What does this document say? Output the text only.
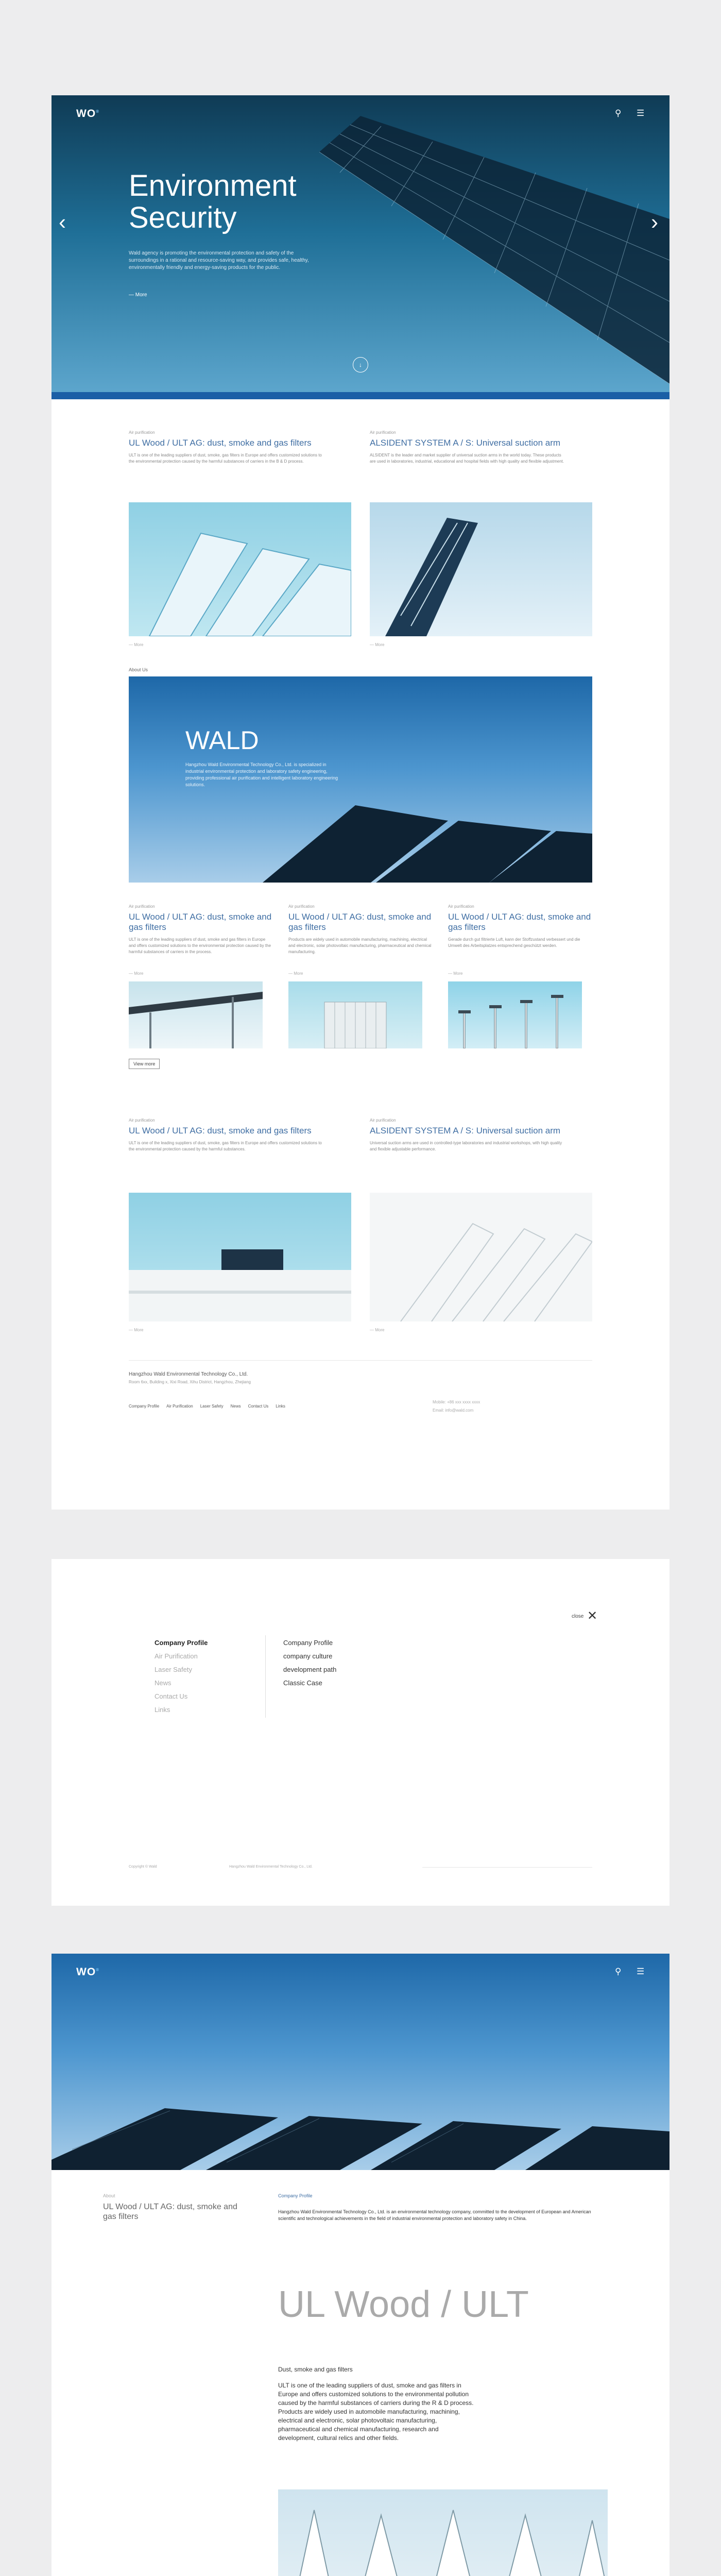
WO®	⚲ ☰
Environment
Security
Wald agency is promoting the environmental protection and safety of the surroundings in a rational and resource-saving way, and provides safe, healthy, environmentally friendly and energy-saving products for the public.
— More
‹	›
↓
Air purification
UL Wood / ULT AG: dust, smoke and gas filters
ULT is one of the leading suppliers of dust, smoke, gas filters in Europe and offers customized solutions to the environmental protection caused by the harmful substances of carriers in the B & D process.
— More
Air purification
ALSIDENT SYSTEM A / S: Universal suction arm
ALSIDENT is the leader and market supplier of universal suction arms in the world today. These products are used in laboratories, industrial, educational and hospital fields with high quality and flexible adjustment.
— More
About Us
WALD
Hangzhou Wald Environmental Technology Co., Ltd. is specialized in industrial environmental protection and laboratory safety engineering, providing professional air purification and intelligent laboratory engineering solutions.
Air purification
UL Wood / ULT AG: dust, smoke and gas filters
ULT is one of the leading suppliers of dust, smoke and gas filters in Europe and offers customized solutions to the environmental protection caused by the harmful substances of carriers in the process.
— More
Air purification
UL Wood / ULT AG: dust, smoke and gas filters
Products are widely used in automobile manufacturing, machining, electrical and electronic, solar photovoltaic manufacturing, pharmaceutical and chemical manufacturing.
— More
Air purification
UL Wood / ULT AG: dust, smoke and gas filters
Gerade durch gut filtrierte Luft, kann der Stoffzustand verbessert und die Umwelt des Arbeitsplatzes entsprechend geschützt werden.
— More
View more
Air purification
UL Wood / ULT AG: dust, smoke and gas filters
ULT is one of the leading suppliers of dust, smoke, gas filters in Europe and offers customized solutions to the environmental protection caused by the harmful substances.
— More
Air purification
ALSIDENT SYSTEM A / S: Universal suction arm
Universal suction arms are used in controlled-type laboratories and industrial workshops, with high quality and flexible adjustable performance.
— More
Hangzhou Wald Environmental Technology Co., Ltd.
Room 6xx, Building x, Xixi Road, Xihu District, Hangzhou, Zhejiang
Company Profile Air Purification Laser Safety News Contact Us Links
Mobile: +86 xxx xxxx xxxx
Email: info@wald.com
close ✕
Company Profile
Air Purification
Laser Safety
News
Contact Us
Links
Company Profile
company culture
development path
Classic Case
Copyright © Wald	Hangzhou Wald Environmental Technology Co., Ltd.
WO®	⚲ ☰
About
UL Wood / ULT AG: dust, smoke and gas filters
Company Profile
Hangzhou Wald Environmental Technology Co., Ltd. is an environmental technology company, committed to the development of European and American scientific and technological achievements in the field of industrial environmental protection and laboratory safety in China.
UL Wood / ULT
Dust, smoke and gas filters
ULT is one of the leading suppliers of dust, smoke and gas filters in Europe and offers customized solutions to the environmental pollution caused by the harmful substances of carriers during the R & D process. Products are widely used in automobile manufacturing, machining, electrical and electronic, solar photovoltaic manufacturing, pharmaceutical and chemical manufacturing, research and development, cultural relics and other fields.
